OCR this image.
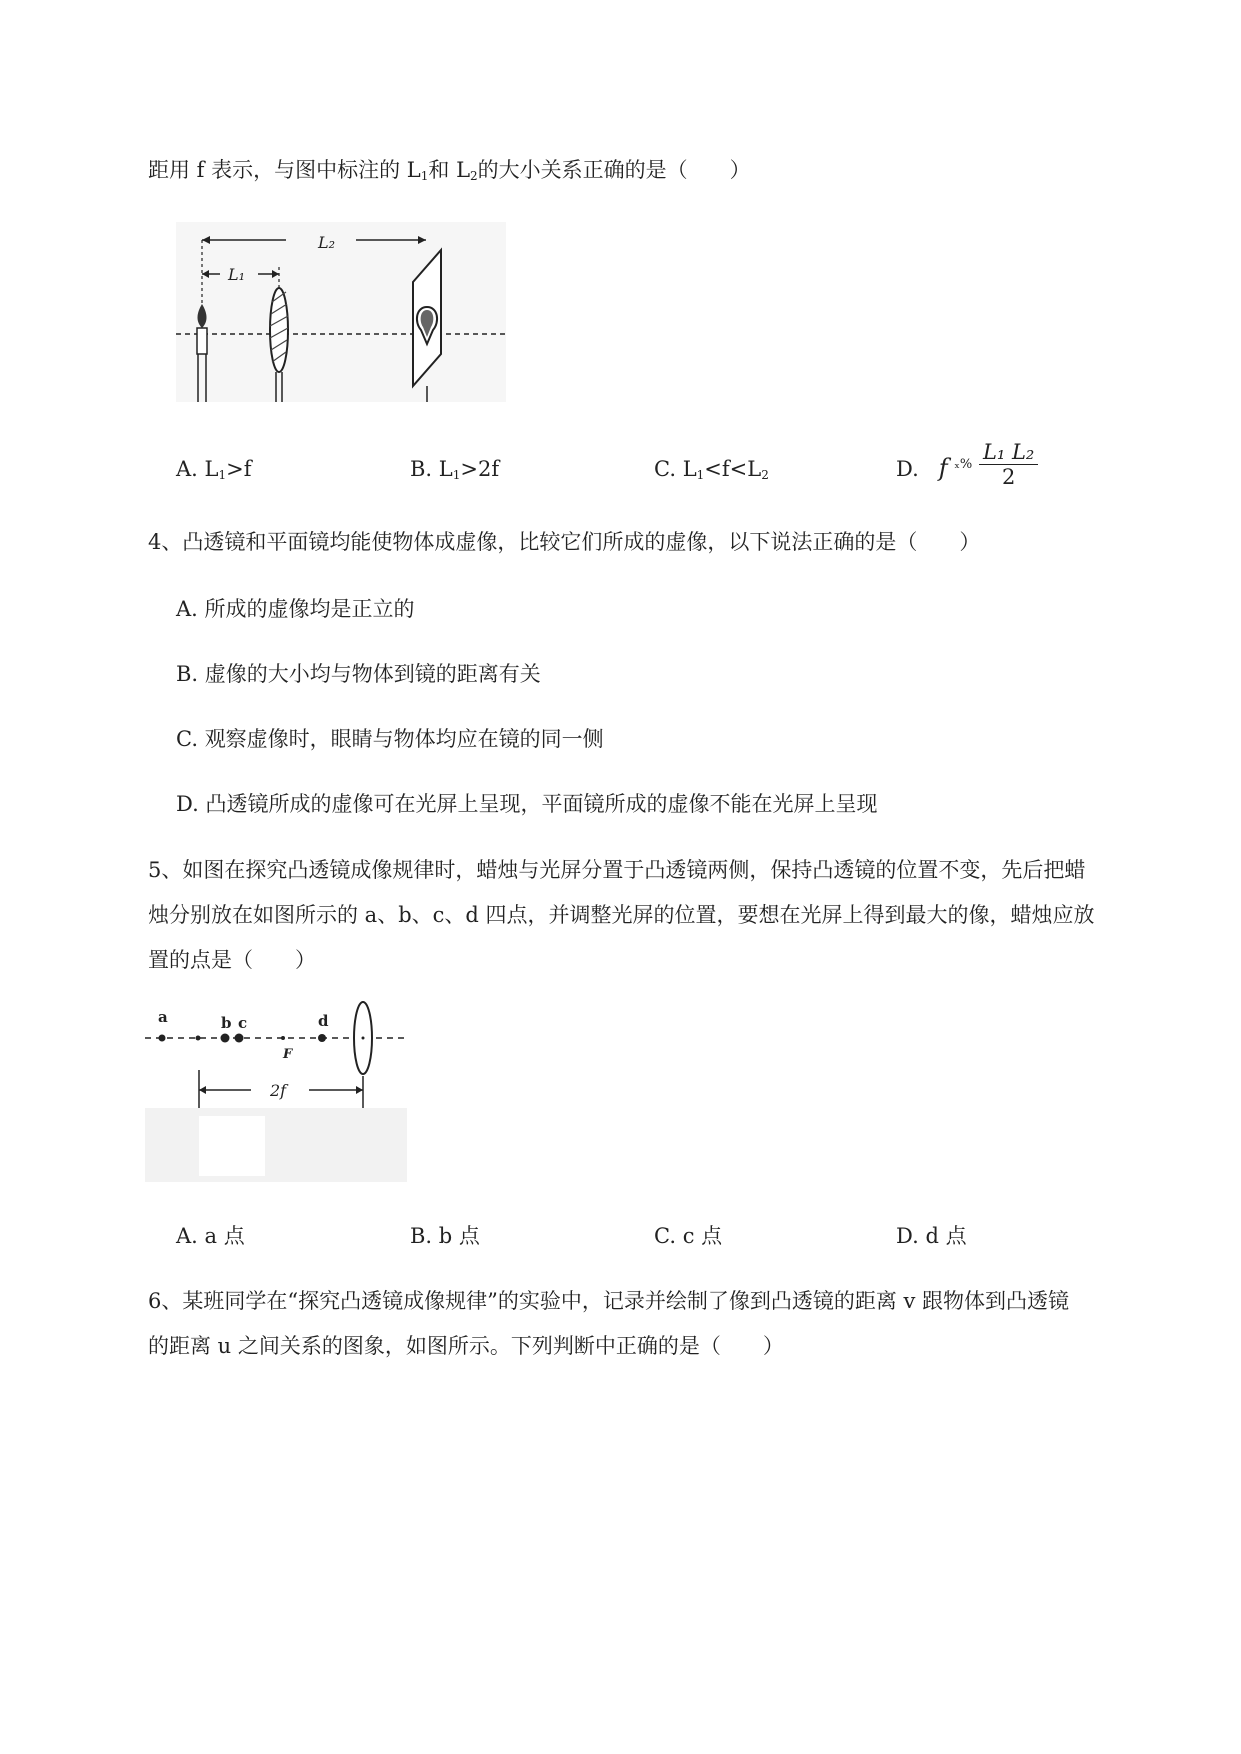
距用 f 表示，与图中标注的 $L_1$和 $L_2$的大小关系正确的是（　　）
L₂
L₁
A. $L_1>f$	B. $L_1>2f$	C. $L_1<f<L_2$	D. f $_x\% \frac{\text{L₁ L₂}}{2}$
4、凸透镜和平面镜均能使物体成虚像，比较它们所成的虚像，以下说法正确的是（　　）
A. 所成的虚像均是正立的
B. 虚像的大小均与物体到镜的距离有关
C. 观察虚像时，眼睛与物体均应在镜的同一侧
D. 凸透镜所成的虚像可在光屏上呈现，平面镜所成的虚像不能在光屏上呈现
5、如图在探究凸透镜成像规律时，蜡烛与光屏分置于凸透镜两侧，保持凸透镜的位置不变，先后把蜡
烛分别放在如图所示的 a、b、c、d 四点，并调整光屏的位置，要想在光屏上得到最大的像，蜡烛应放
置的点是（　　）
a	b c	d
F
2f
A. a 点	B. b 点	C. c 点	D. d 点
6、某班同学在“探究凸透镜成像规律”的实验中，记录并绘制了像到凸透镜的距离 v 跟物体到凸透镜
的距离 u 之间关系的图象，如图所示。下列判断中正确的是（　　）
